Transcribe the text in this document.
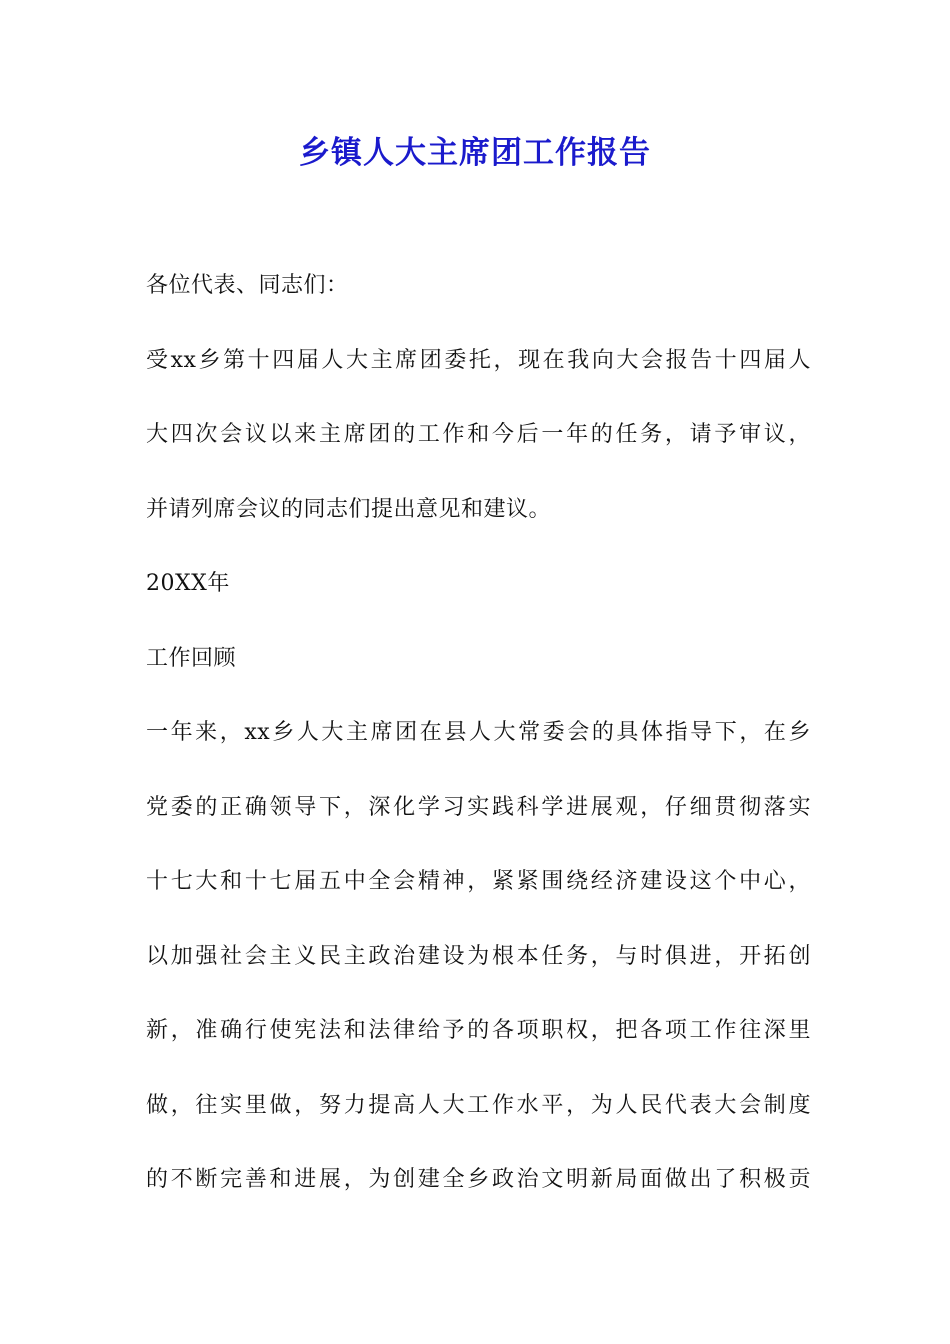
乡镇人大主席团工作报告
各位代表、同志们：
受xx乡第十四届人大主席团委托，现在我向大会报告十四届人
大四次会议以来主席团的工作和今后一年的任务，请予审议，
并请列席会议的同志们提出意见和建议。
20XX年
工作回顾
一年来，xx乡人大主席团在县人大常委会的具体指导下，在乡
党委的正确领导下，深化学习实践科学进展观，仔细贯彻落实
十七大和十七届五中全会精神，紧紧围绕经济建设这个中心，
以加强社会主义民主政治建设为根本任务，与时俱进，开拓创
新，准确行使宪法和法律给予的各项职权，把各项工作往深里
做，往实里做，努力提高人大工作水平，为人民代表大会制度
的不断完善和进展，为创建全乡政治文明新局面做出了积极贡
